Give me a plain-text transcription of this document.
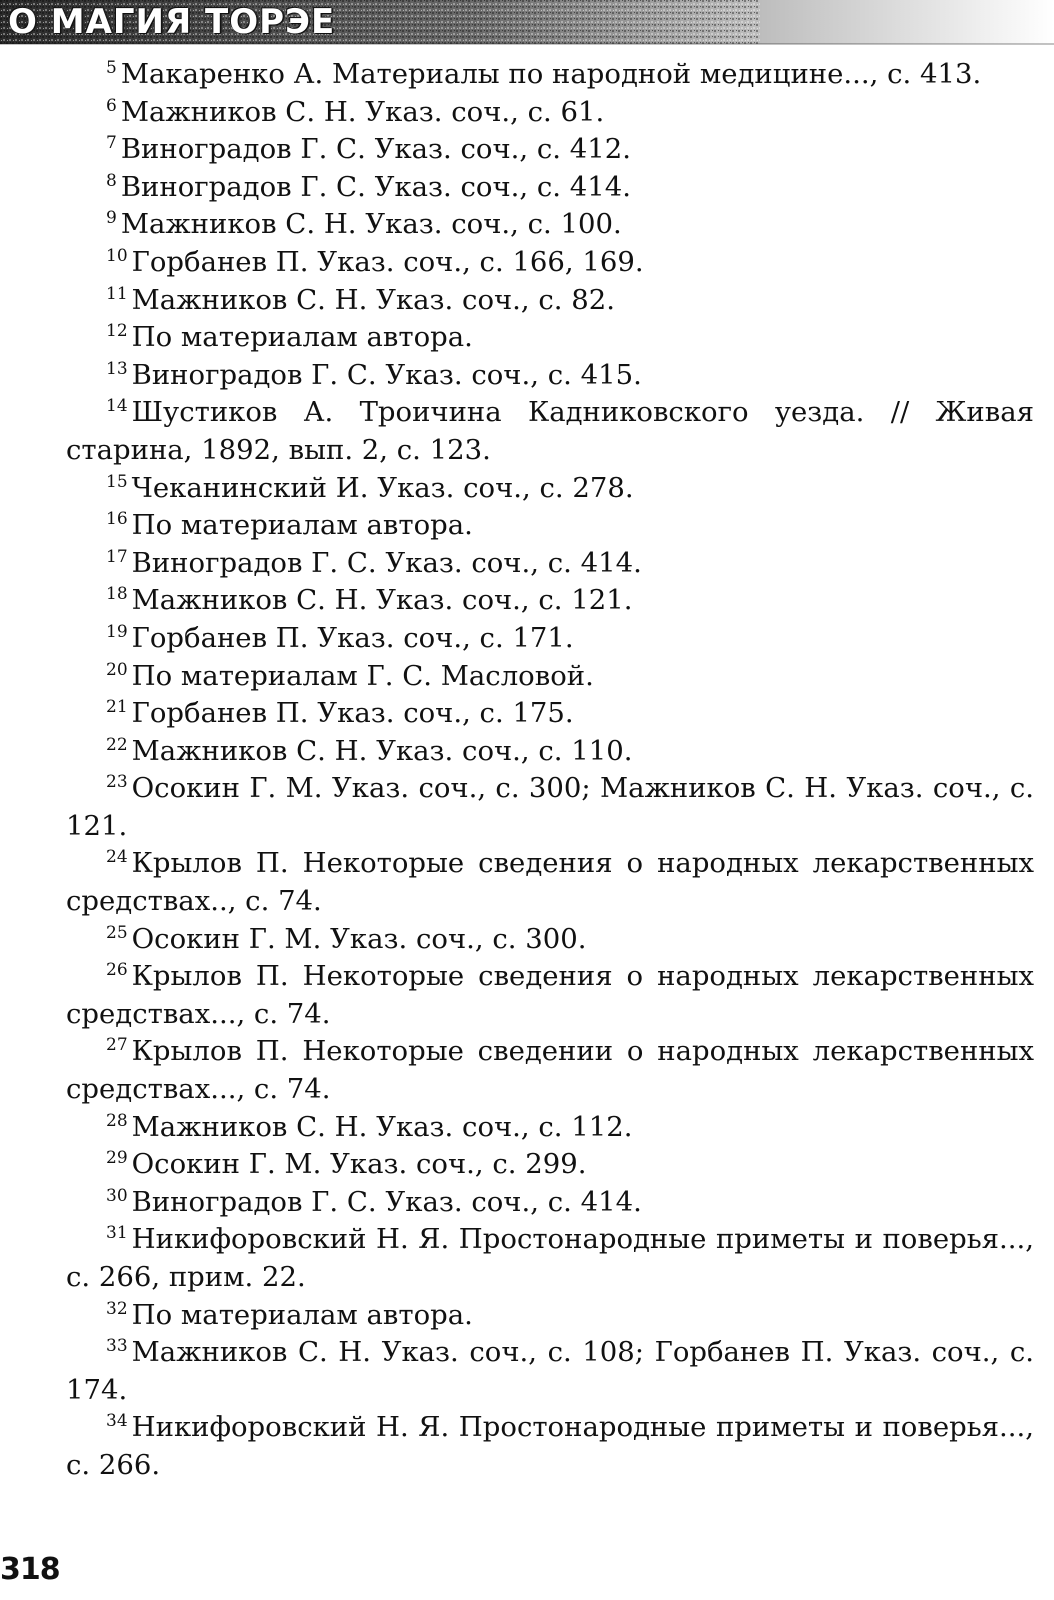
О МАГИЯ ТОРЭЕ

$^5$ Макаренко А. Материалы по народной медицине..., с. 413.

$^6$ Мажников С. Н. Указ. соч., с. 61.

$^7$ Виноградов Г. С. Указ. соч., с. 412.

$^8$ Виноградов Г. С. Указ. соч., с. 414.

$^9$ Мажников С. Н. Указ. соч., с. 100.

$^{10}$ Горбанев П. Указ. соч., с. 166, 169.

$^{11}$ Мажников С. Н. Указ. соч., с. 82.

$^{12}$ По материалам автора.

$^{13}$ Виноградов Г. С. Указ. соч., с. 415.

$^{14}$ Шустиков А. Троичина Кадниковского уезда. // Живая старина, 1892, вып. 2, с. 123.

$^{15}$ Чеканинский И. Указ. соч., с. 278.

$^{16}$ По материалам автора.

$^{17}$ Виноградов Г. С. Указ. соч., с. 414.

$^{18}$ Мажников С. Н. Указ. соч., с. 121.

$^{19}$ Горбанев П. Указ. соч., с. 171.

$^{20}$ По материалам Г. С. Масловой.

$^{21}$ Горбанев П. Указ. соч., с. 175.

$^{22}$ Мажников С. Н. Указ. соч., с. 110.

$^{23}$ Осокин Г. М. Указ. соч., с. 300; Мажников С. Н. Указ. соч., с. 121.

$^{24}$ Крылов П. Некоторые сведения о народных лекарственных средствах.., с. 74.

$^{25}$ Осокин Г. М. Указ. соч., с. 300.

$^{26}$ Крылов П. Некоторые сведения о народных лекарственных средствах..., с. 74.

$^{27}$ Крылов П. Некоторые сведении о народных лекарственных средствах..., с. 74.

$^{28}$ Мажников С. Н. Указ. соч., с. 112.

$^{29}$ Осокин Г. М. Указ. соч., с. 299.

$^{30}$ Виноградов Г. С. Указ. соч., с. 414.

$^{31}$ Никифоровский Н. Я. Простонародные приметы и поверья..., с. 266, прим. 22.

$^{32}$ По материалам автора.

$^{33}$ Мажников С. Н. Указ. соч., с. 108; Горбанев П. Указ. соч., с. 174.

$^{34}$ Никифоровский Н. Я. Простонародные приметы и поверья..., с. 266.

318
